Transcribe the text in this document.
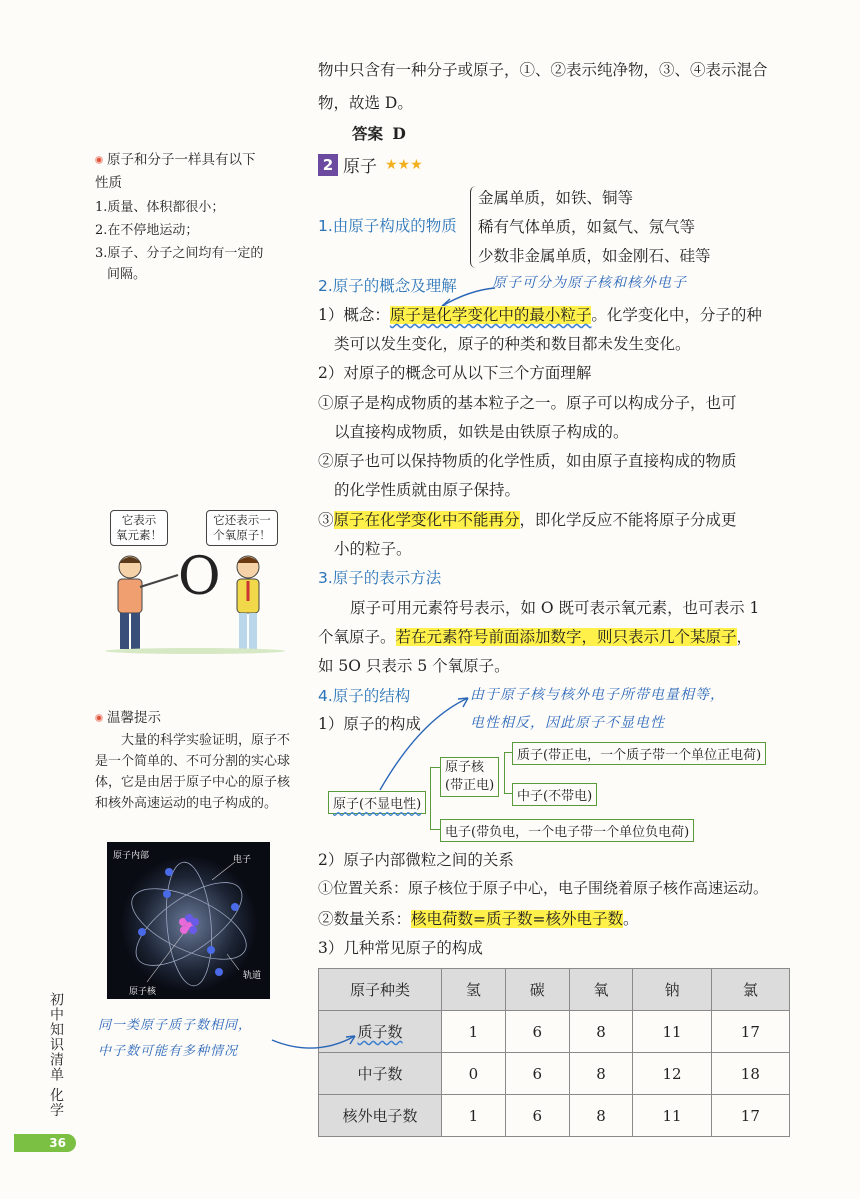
物中只含有一种分子或原子，①、②表示纯净物，③、④表示混合
物，故选 D。
答案 D
2 原子 ★★★
1.由原子构成的物质
金属单质，如铁、铜等
稀有气体单质，如氦气、氖气等
少数非金属单质，如金刚石、硅等
2.原子的概念及理解	原子可分为原子核和核外电子
1）概念：原子是化学变化中的最小粒子。化学变化中，分子的种
类可以发生变化，原子的种类和数目都未发生变化。
2）对原子的概念可从以下三个方面理解
①原子是构成物质的基本粒子之一。原子可以构成分子，也可
以直接构成物质，如铁是由铁原子构成的。
②原子也可以保持物质的化学性质，如由原子直接构成的物质
的化学性质就由原子保持。
③原子在化学变化中不能再分，即化学反应不能将原子分成更
小的粒子。
3.原子的表示方法
原子可用元素符号表示，如 O 既可表示氧元素，也可表示 1
个氧原子。若在元素符号前面添加数字，则只表示几个某原子，
如 5O 只表示 5 个氧原子。
4.原子的结构	由于原子核与核外电子所带电量相等，
电性相反，因此原子不显电性
1）原子的构成
原子(不显电性)
原子核
(带正电)
质子(带正电，一个质子带一个单位正电荷)
中子(不带电)
电子(带负电，一个电子带一个单位负电荷)
2）原子内部微粒之间的关系
①位置关系：原子核位于原子中心，电子围绕着原子核作高速运动。
②数量关系：核电荷数=质子数=核外电子数。
3）几种常见原子的构成
原子种类	氢	碳	氧	钠	氯
质子数	1	6	8	11	17
中子数	0	6	8	12	18
核外电子数	1	6	8	11	17
原子和分子一样具有以下
性质
1.质量、体积都很小；
2.在不停地运动；
3.原子、分子之间均有一定的
间隔。
它表示
氧元素！
它还表示一
个氧原子！
O
温馨提示
大量的科学实验证明，原子不是一个简单的、不可分割的实心球体，它是由居于原子中心的原子核和核外高速运动的电子构成的。
原子内部	电子
轨道
原子核
同一类原子质子数相同，
中子数可能有多种情况
初中知识清单 化学
36
